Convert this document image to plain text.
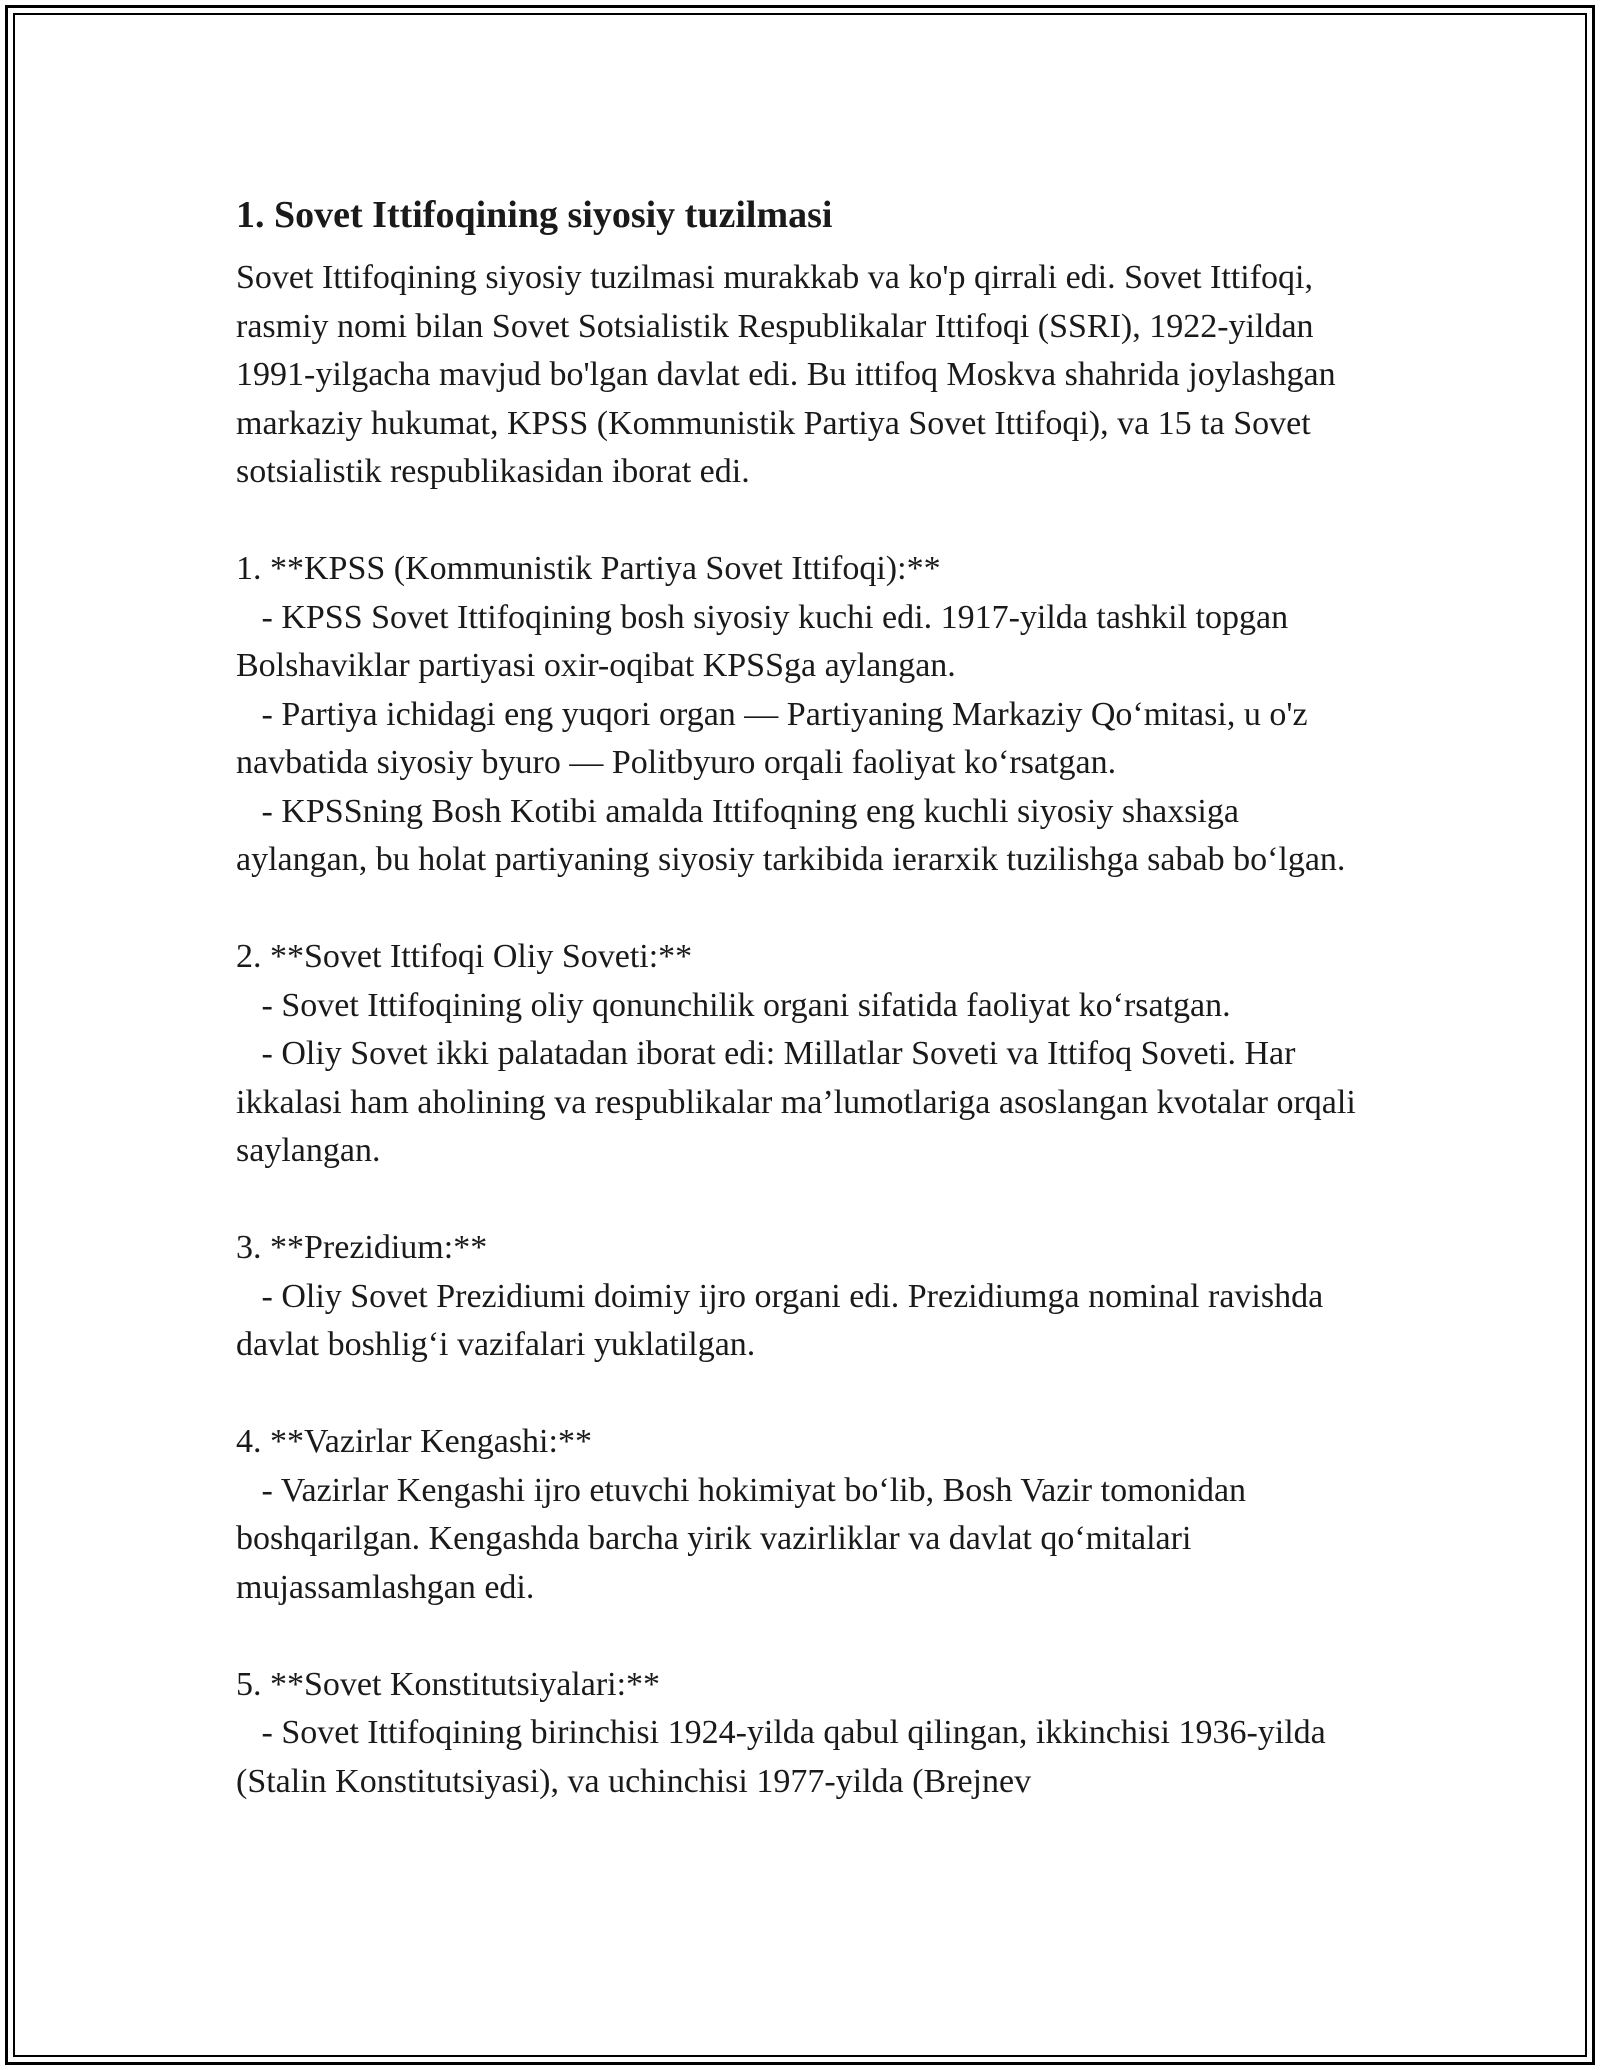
1. Sovet Ittifoqining siyosiy tuzilmasi

Sovet Ittifoqining siyosiy tuzilmasi murakkab va ko'p qirrali edi. Sovet Ittifoqi, rasmiy nomi bilan Sovet Sotsialistik Respublikalar Ittifoqi (SSRI), 1922-yildan 1991-yilgacha mavjud bo'lgan davlat edi. Bu ittifoq Moskva shahrida joylashgan markaziy hukumat, KPSS (Kommunistik Partiya Sovet Ittifoqi), va 15 ta Sovet sotsialistik respublikasidan iborat edi.

1. **KPSS (Kommunistik Partiya Sovet Ittifoqi):**

- KPSS Sovet Ittifoqining bosh siyosiy kuchi edi. 1917-yilda tashkil topgan Bolshaviklar partiyasi oxir-oqibat KPSSga aylangan.

- Partiya ichidagi eng yuqori organ — Partiyaning Markaziy Qo‘mitasi, u o'z navbatida siyosiy byuro — Politbyuro orqali faoliyat ko‘rsatgan.

- KPSSning Bosh Kotibi amalda Ittifoqning eng kuchli siyosiy shaxsiga aylangan, bu holat partiyaning siyosiy tarkibida ierarxik tuzilishga sabab bo‘lgan.

2. **Sovet Ittifoqi Oliy Soveti:**

- Sovet Ittifoqining oliy qonunchilik organi sifatida faoliyat ko‘rsatgan.

- Oliy Sovet ikki palatadan iborat edi: Millatlar Soveti va Ittifoq Soveti. Har ikkalasi ham aholining va respublikalar ma’lumotlariga asoslangan kvotalar orqali saylangan.

3. **Prezidium:**

- Oliy Sovet Prezidiumi doimiy ijro organi edi. Prezidiumga nominal ravishda davlat boshlig‘i vazifalari yuklatilgan.

4. **Vazirlar Kengashi:**

- Vazirlar Kengashi ijro etuvchi hokimiyat bo‘lib, Bosh Vazir tomonidan boshqarilgan. Kengashda barcha yirik vazirliklar va davlat qo‘mitalari mujassamlashgan edi.

5. **Sovet Konstitutsiyalari:**

- Sovet Ittifoqining birinchisi 1924-yilda qabul qilingan, ikkinchisi 1936-yilda (Stalin Konstitutsiyasi), va uchinchisi 1977-yilda (Brejnev
